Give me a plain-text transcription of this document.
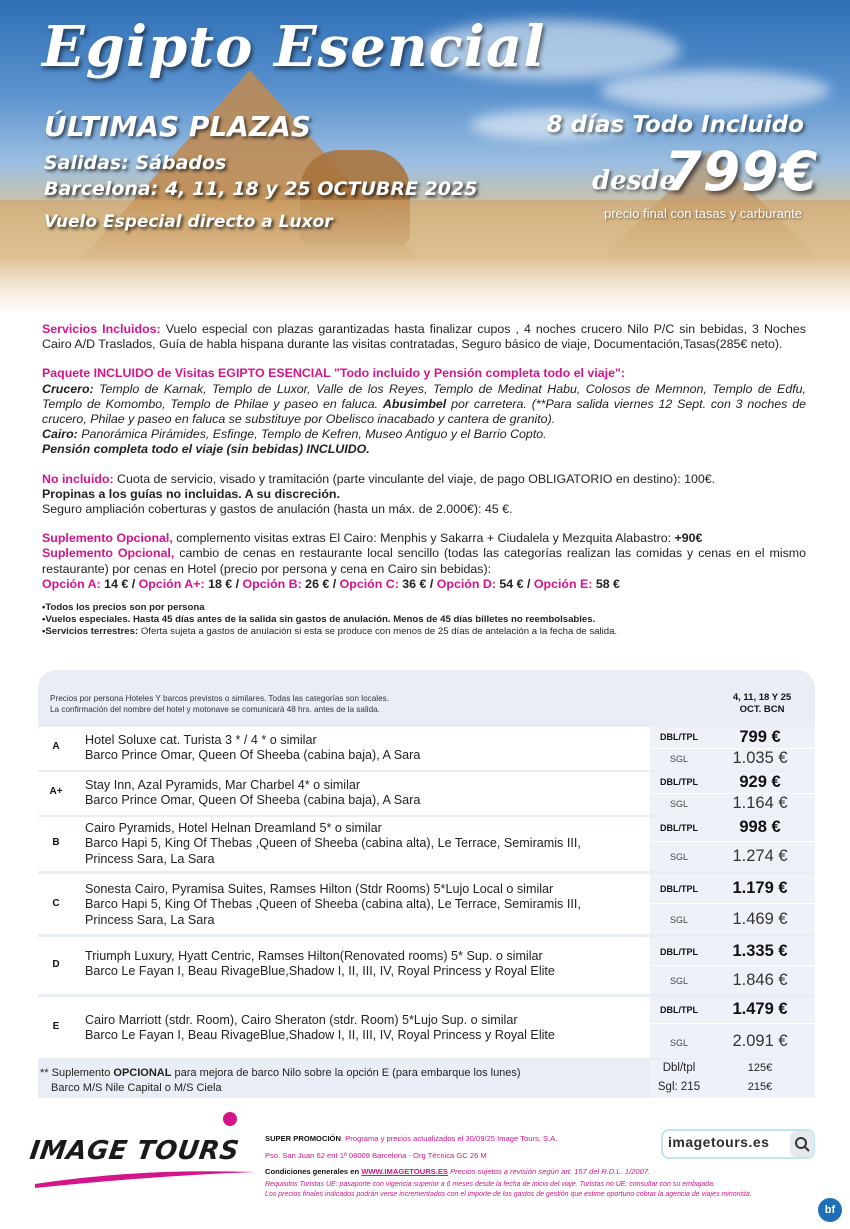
Egipto Esencial
ÚLTIMAS PLAZAS
Salidas: Sábados
Barcelona: 4, 11, 18 y 25 OCTUBRE 2025
Vuelo Especial directo a Luxor
8 días Todo Incluido
desde
799€
precio final con tasas y carburante

Servicios Incluidos: Vuelo especial con plazas garantizadas hasta finalizar cupos , 4 noches crucero Nilo P/C sin bebidas, 3 Noches Cairo A/D Traslados, Guía de habla hispana durante las visitas contratadas, Seguro básico de viaje, Documentación,Tasas(285€ neto).

Paquete INCLUIDO de Visitas EGIPTO ESENCIAL "Todo incluido y Pensión completa todo el viaje":
Crucero: Templo de Karnak, Templo de Luxor, Valle de los Reyes, Templo de Medinat Habu, Colosos de Memnon, Templo de Edfu, Templo de Komombo, Templo de Philae y paseo en faluca. Abusimbel por carretera. (**Para salida viernes 12 Sept. con 3 noches de crucero, Philae y paseo en faluca se substituye por Obelisco inacabado y cantera de granito).
Cairo: Panorámica Pirámides, Esfinge, Templo de Kefren, Museo Antiguo y el Barrio Copto.
Pensión completa todo el viaje (sin bebidas) INCLUIDO.

No incluido: Cuota de servicio, visado y tramitación (parte vinculante del viaje, de pago OBLIGATORIO en destino): 100€.
Propinas a los guías no incluidas. A su discreción.
Seguro ampliación coberturas y gastos de anulación (hasta un máx. de 2.000€): 45 €.

Suplemento Opcional, complemento visitas extras El Cairo: Menphis y Sakarra + Ciudalela y Mezquita Alabastro: +90€
Suplemento Opcional, cambio de cenas en restaurante local sencillo (todas las categorías realizan las comidas y cenas en el mismo restaurante) por cenas en Hotel (precio por persona y cena en Cairo sin bebidas):
Opción A: 14 € / Opción A+: 18 € / Opción B: 26 € / Opción C: 36 € / Opción D: 54 € / Opción E: 58 €

•Todos los precios son por persona
•Vuelos especiales. Hasta 45 días antes de la salida sin gastos de anulación. Menos de 45 días billetes no reembolsables.
•Servicios terrestres: Oferta sujeta a gastos de anulación si esta se produce con menos de 25 días de antelación a la fecha de salida.
Precios por persona Hoteles Y barcos previstos o similares. Todas las categorías son locales.
La confirmación del nombre del hotel y motonave se comunicará 48 hrs. antes de la salida.
4, 11, 18 Y 25
OCT. BCN
A	Hotel Soluxe cat. Turista 3 * / 4 * o similar
Barco Prince Omar, Queen Of Sheeba (cabina baja), A Sara
DBL/TPL	799 €
SGL	1.035 €
A+	Stay Inn, Azal Pyramids, Mar Charbel 4* o similar
Barco Prince Omar, Queen Of Sheeba (cabina baja), A Sara
DBL/TPL	929 €
SGL	1.164 €
B
Cairo Pyramids, Hotel Helnan Dreamland 5* o similar
Barco Hapi 5, King Of Thebas ,Queen of Sheeba (cabina alta), Le Terrace, Semiramis III,
Princess Sara, La Sara
DBL/TPL	998 €
SGL	1.274 €
C
Sonesta Cairo, Pyramisa Suites, Ramses Hilton (Stdr Rooms) 5*Lujo Local o similar
Barco Hapi 5, King Of Thebas ,Queen of Sheeba (cabina alta), Le Terrace, Semiramis III,
Princess Sara, La Sara
DBL/TPL	1.179 €
SGL	1.469 €
D
Triumph Luxury, Hyatt Centric, Ramses Hilton(Renovated rooms) 5* Sup. o similar
Barco Le Fayan I, Beau RivageBlue,Shadow I, II, III, IV, Royal Princess y Royal Elite
DBL/TPL	1.335 €
SGL	1.846 €
E	Cairo Marriott (stdr. Room), Cairo Sheraton (stdr. Room) 5*Lujo Sup. o similar
Barco Le Fayan I, Beau RivageBlue,Shadow I, II, III, IV, Royal Princess y Royal Elite
DBL/TPL	1.479 €
SGL	2.091 €
** Suplemento OPCIONAL para mejora de barco Nilo sobre la opción E (para embarque los lunes)
Barco M/S Nile Capital o M/S Ciela
Dbl/tpl	125€
Sgl: 215	215€
IMAGE TOURS	SUPER PROMOCIÓN. Programa y precios actualizados el 30/09/25 Image Tours, S.A.
Pso. San Juan 62 ent 1ª 08009 Barcelona - Org Técnica GC 26 M
Condiciones generales en WWW.IMAGETOURS.ES Precios sujetos a revisión según art. 157 del R.D.L. 1/2007.
Requisitos Turistas UE: pasaporte con vigencia superior a 6 meses desde la fecha de inicio del viaje. Turistas no UE: consultar con su embajada.
Los precios finales indicados podrán verse incrementados con el importe de los gastos de gestión que estime oportuno cobrar la agencia de viajes minorista.
imagetours.es
bf
